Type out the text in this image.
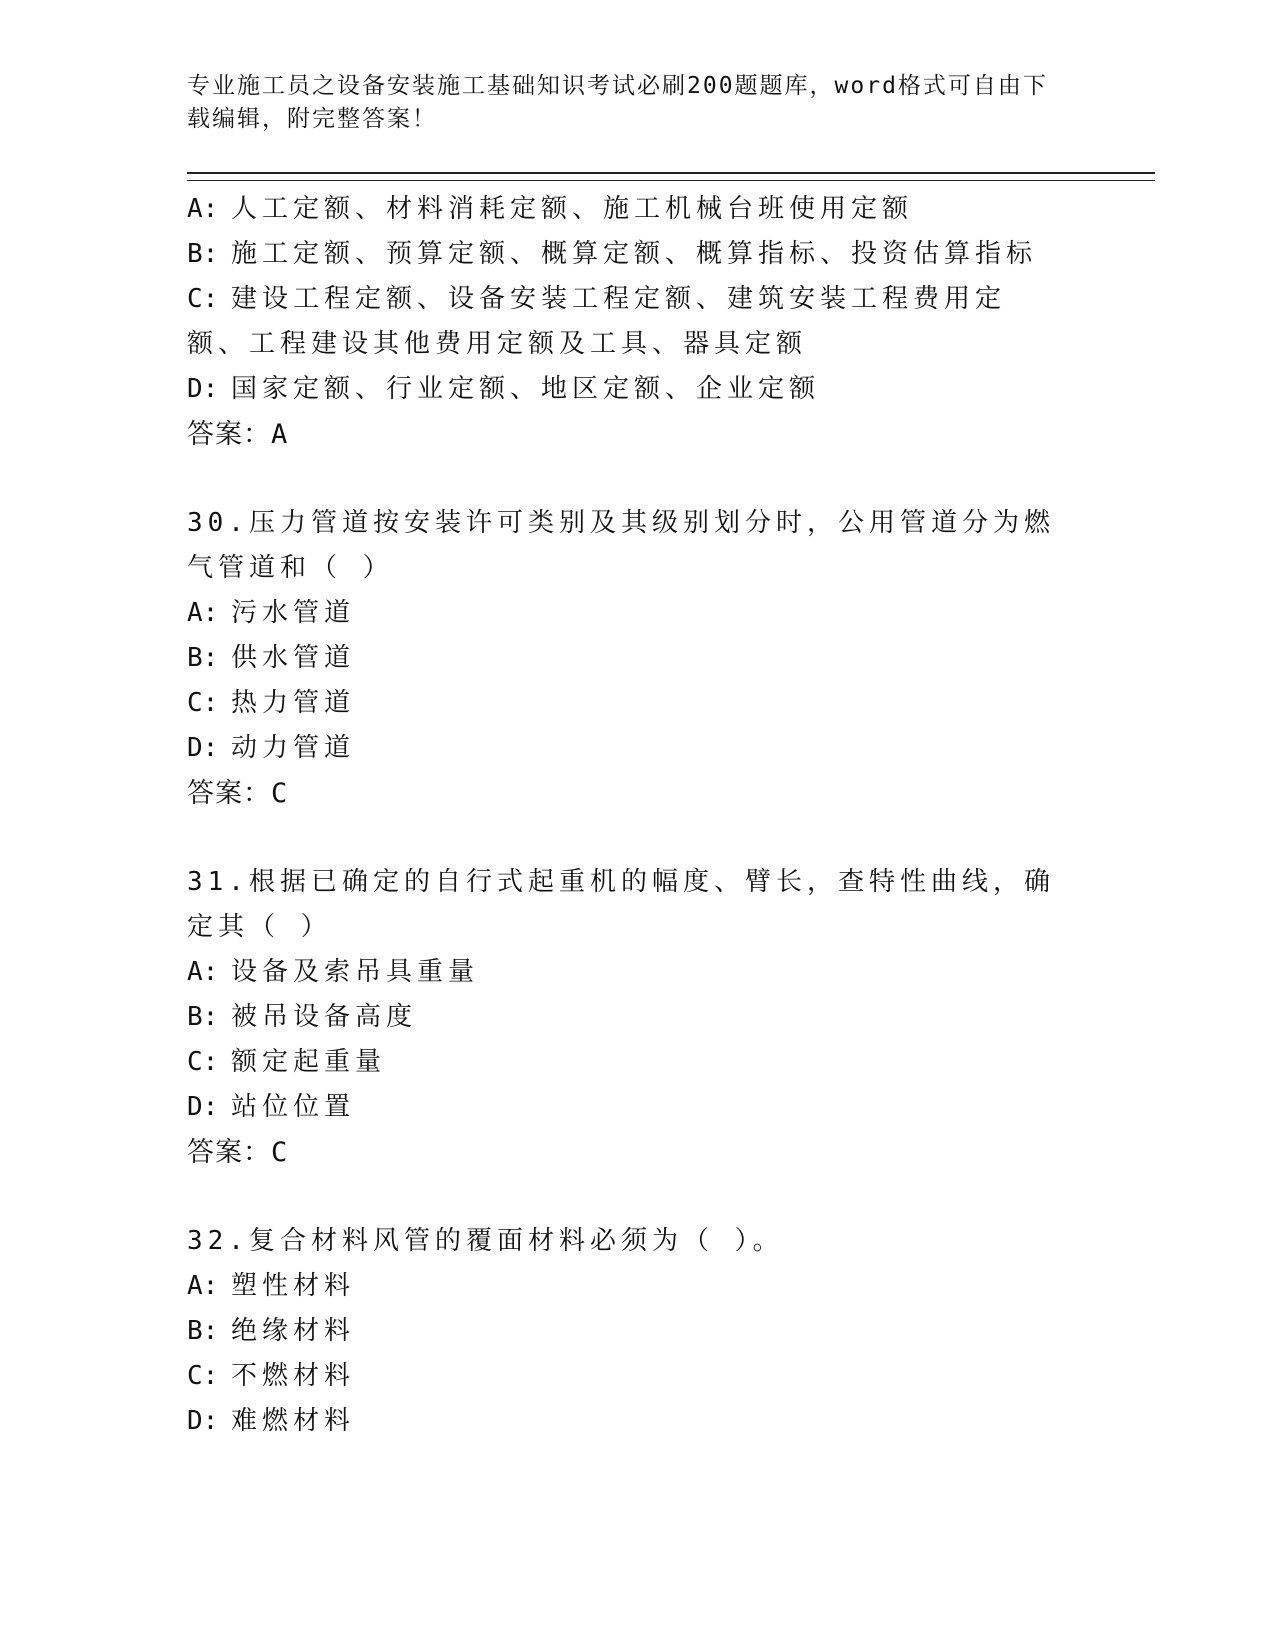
专业施工员之设备安装施工基础知识考试必刷200题题库，word格式可自由下载编辑，附完整答案！
A: 人工定额、材料消耗定额、施工机械台班使用定额
B: 施工定额、预算定额、概算定额、概算指标、投资估算指标
C: 建设工程定额、设备安装工程定额、建筑安装工程费用定额、工程建设其他费用定额及工具、器具定额
D: 国家定额、行业定额、地区定额、企业定额
答案：A
30.压力管道按安装许可类别及其级别划分时，公用管道分为燃气管道和（ ）
A: 污水管道
B: 供水管道
C: 热力管道
D: 动力管道
答案：C
31.根据已确定的自行式起重机的幅度、臂长，查特性曲线，确定其（ ）
A: 设备及索吊具重量
B: 被吊设备高度
C: 额定起重量
D: 站位位置
答案：C
32.复合材料风管的覆面材料必须为（ ）。
A: 塑性材料
B: 绝缘材料
C: 不燃材料
D: 难燃材料
